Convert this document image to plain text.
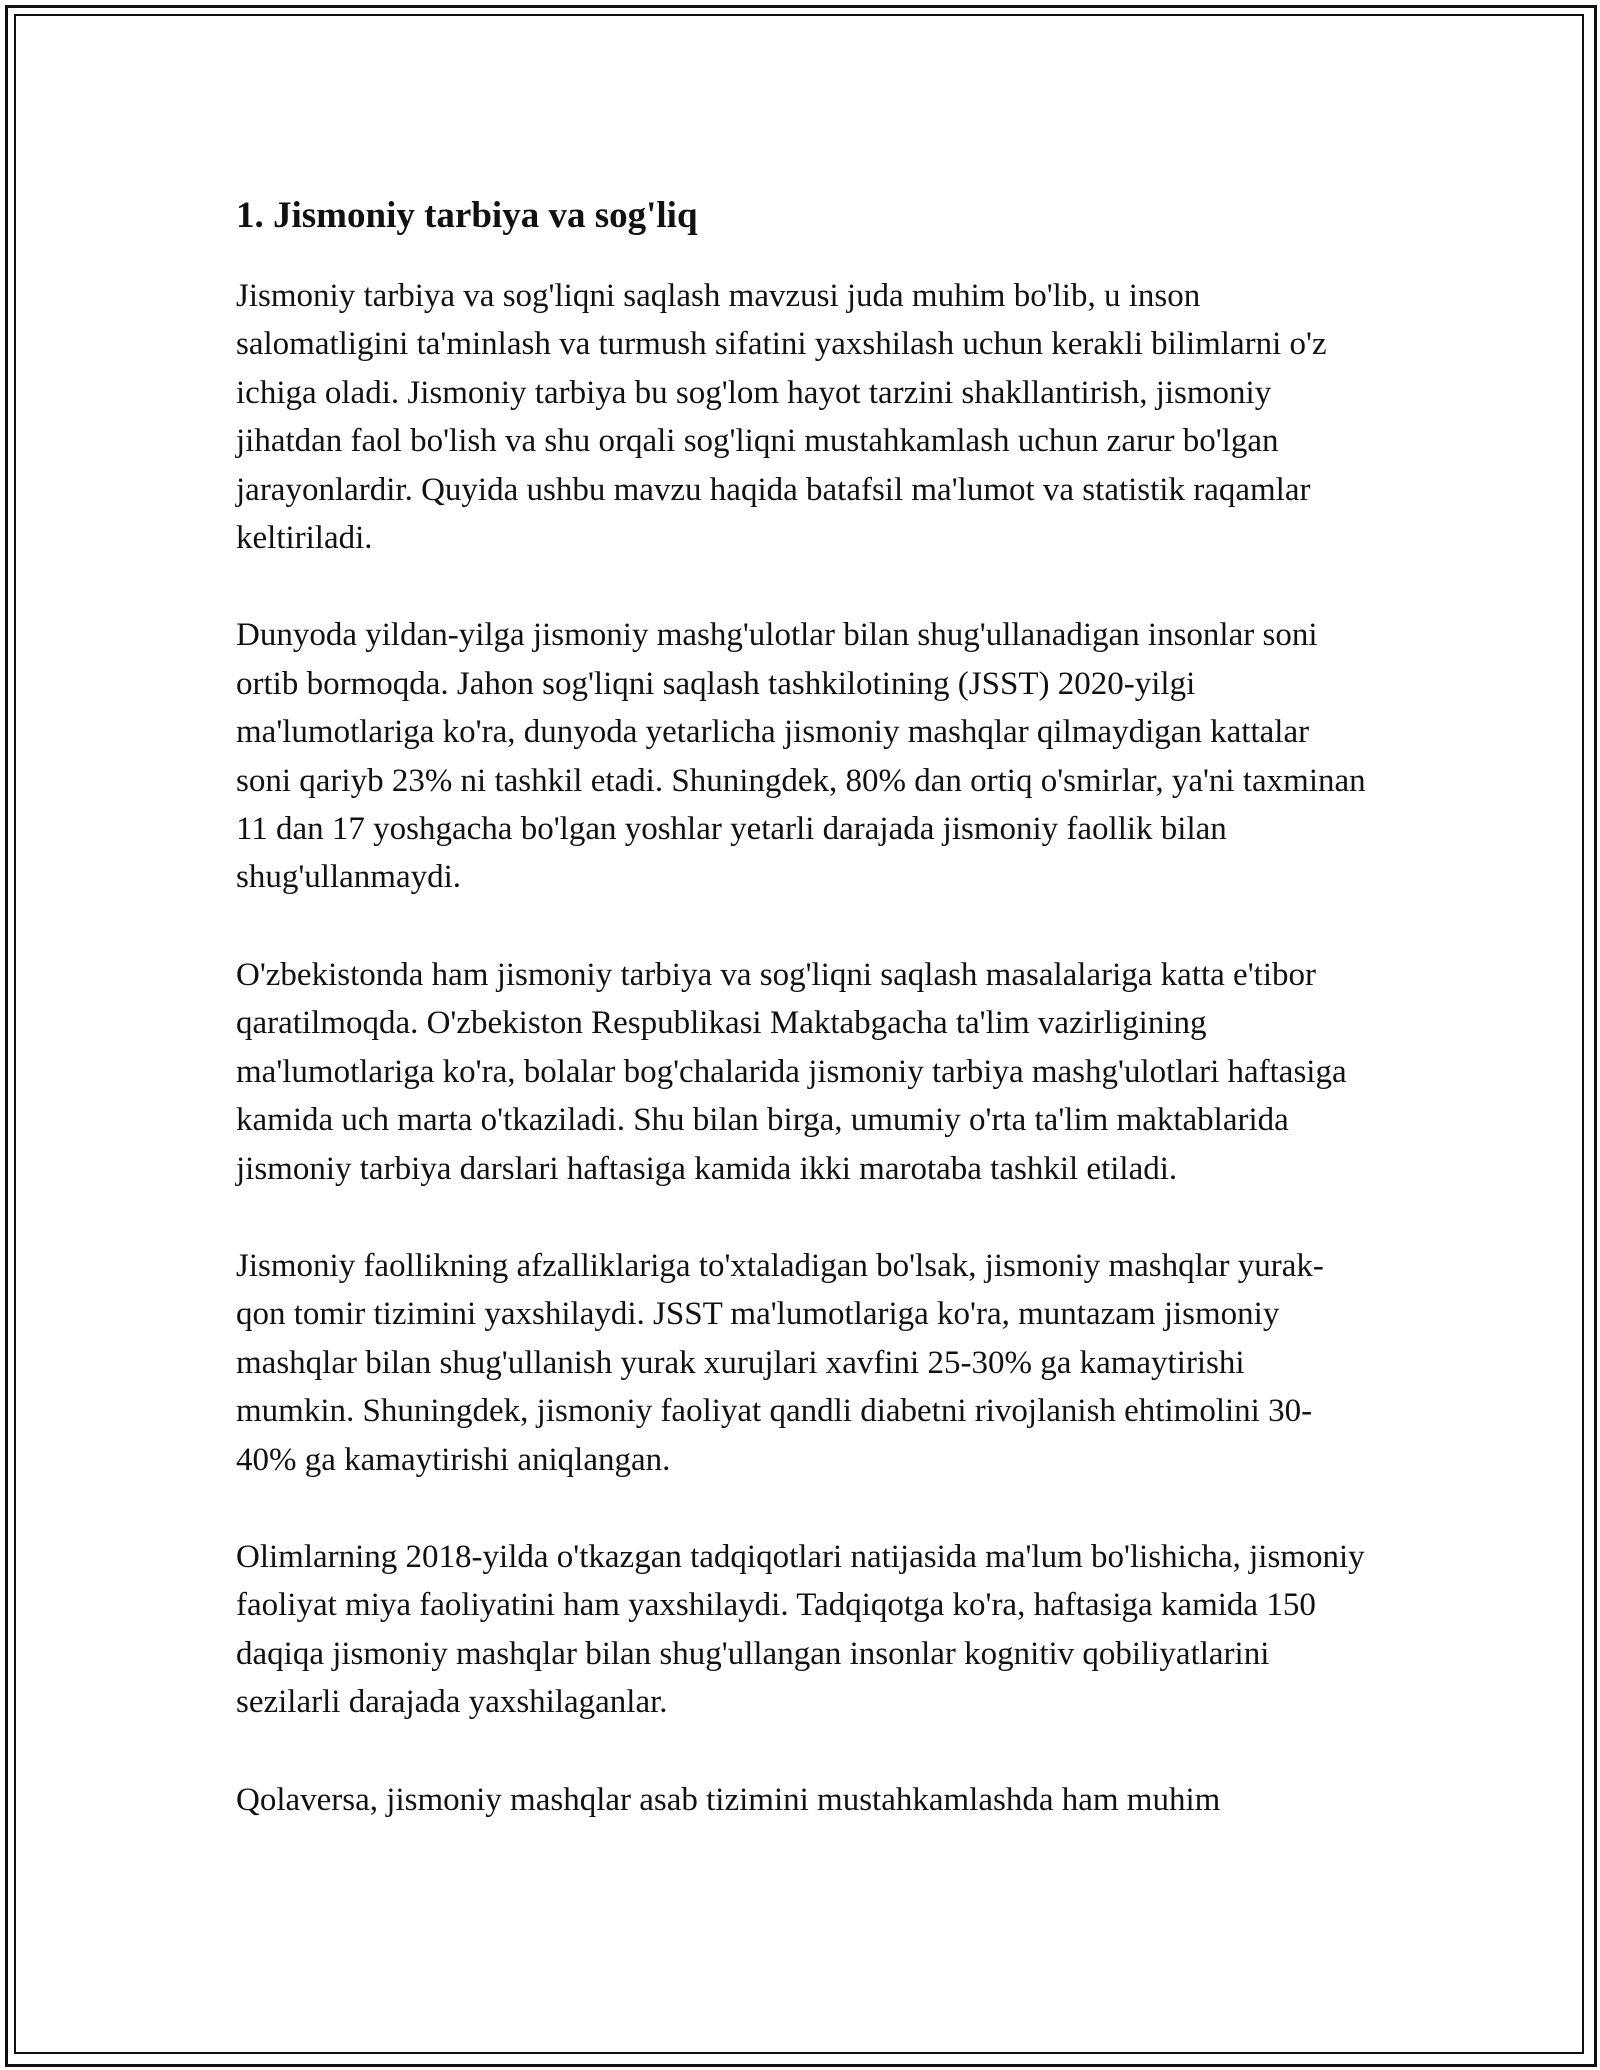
1. Jismoniy tarbiya va sog'liq

Jismoniy tarbiya va sog'liqni saqlash mavzusi juda muhim bo'lib, u inson salomatligini ta'minlash va turmush sifatini yaxshilash uchun kerakli bilimlarni o'z ichiga oladi. Jismoniy tarbiya bu sog'lom hayot tarzini shakllantirish, jismoniy jihatdan faol bo'lish va shu orqali sog'liqni mustahkamlash uchun zarur bo'lgan jarayonlardir. Quyida ushbu mavzu haqida batafsil ma'lumot va statistik raqamlar keltiriladi.

Dunyoda yildan-yilga jismoniy mashg'ulotlar bilan shug'ullanadigan insonlar soni ortib bormoqda. Jahon sog'liqni saqlash tashkilotining (JSST) 2020-yilgi ma'lumotlariga ko'ra, dunyoda yetarlicha jismoniy mashqlar qilmaydigan kattalar soni qariyb 23% ni tashkil etadi. Shuningdek, 80% dan ortiq o'smirlar, ya'ni taxminan 11 dan 17 yoshgacha bo'lgan yoshlar yetarli darajada jismoniy faollik bilan shug'ullanmaydi.

O'zbekistonda ham jismoniy tarbiya va sog'liqni saqlash masalalariga katta e'tibor qaratilmoqda. O'zbekiston Respublikasi Maktabgacha ta'lim vazirligining ma'lumotlariga ko'ra, bolalar bog'chalarida jismoniy tarbiya mashg'ulotlari haftasiga kamida uch marta o'tkaziladi. Shu bilan birga, umumiy o'rta ta'lim maktablarida jismoniy tarbiya darslari haftasiga kamida ikki marotaba tashkil etiladi.

Jismoniy faollikning afzalliklariga to'xtaladigan bo'lsak, jismoniy mashqlar yurak-qon tomir tizimini yaxshilaydi. JSST ma'lumotlariga ko'ra, muntazam jismoniy mashqlar bilan shug'ullanish yurak xurujlari xavfini 25-30% ga kamaytirishi mumkin. Shuningdek, jismoniy faoliyat qandli diabetni rivojlanish ehtimolini 30-40% ga kamaytirishi aniqlangan.

Olimlarning 2018-yilda o'tkazgan tadqiqotlari natijasida ma'lum bo'lishicha, jismoniy faoliyat miya faoliyatini ham yaxshilaydi. Tadqiqotga ko'ra, haftasiga kamida 150 daqiqa jismoniy mashqlar bilan shug'ullangan insonlar kognitiv qobiliyatlarini sezilarli darajada yaxshilaganlar.

Qolaversa, jismoniy mashqlar asab tizimini mustahkamlashda ham muhim
